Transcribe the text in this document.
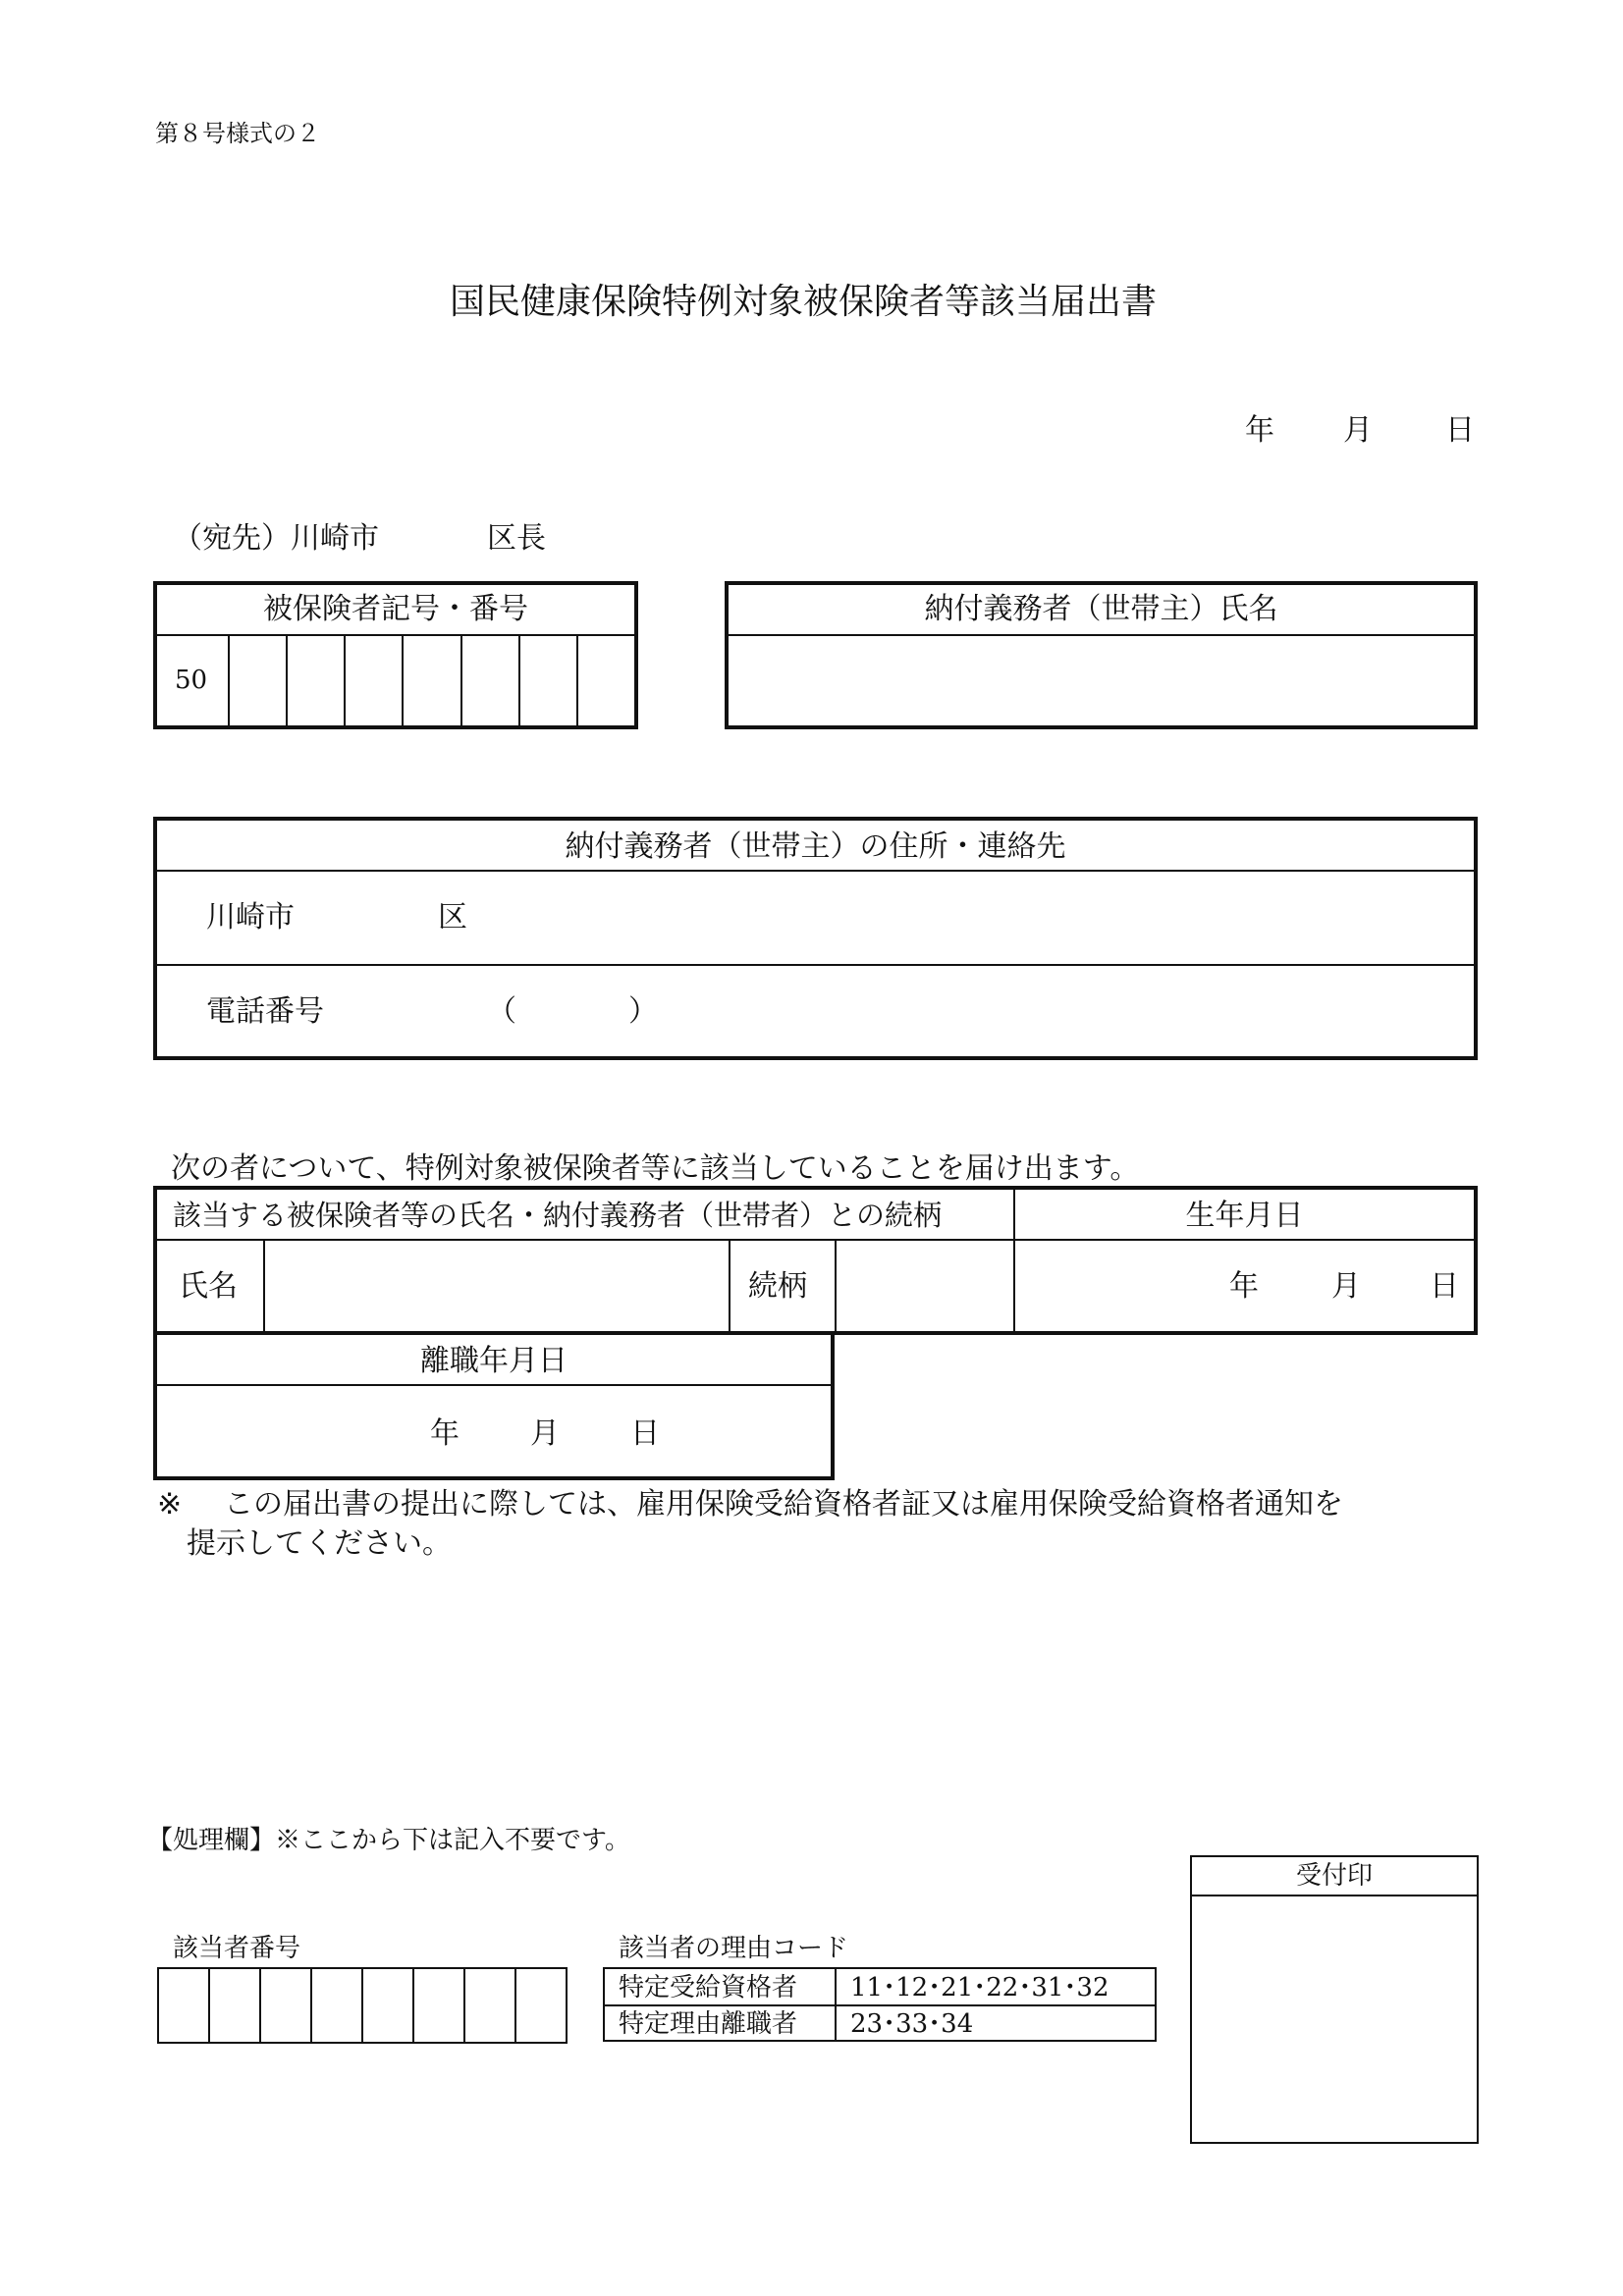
第８号様式の２
国民健康保険特例対象被保険者等該当届出書
年 月 日
（宛先）川崎市	区長
被保険者記号・番号
50
納付義務者（世帯主）氏名
納付義務者（世帯主）の住所・連絡先
川崎市	区
電話番号	（	）
次の者について、特例対象被保険者等に該当していることを届け出ます。
該当する被保険者等の氏名・納付義務者（世帯者）との続柄	生年月日
氏名	続柄	年 月 日
離職年月日
年 月 日
※ この届出書の提出に際しては、雇用保険受給資格者証又は雇用保険受給資格者通知を
提示してください。
【処理欄】※ここから下は記入不要です。
該当者番号	該当者の理由コード
特定受給資格者 11･12･21･22･31･32
特定理由離職者 23･33･34
受付印
